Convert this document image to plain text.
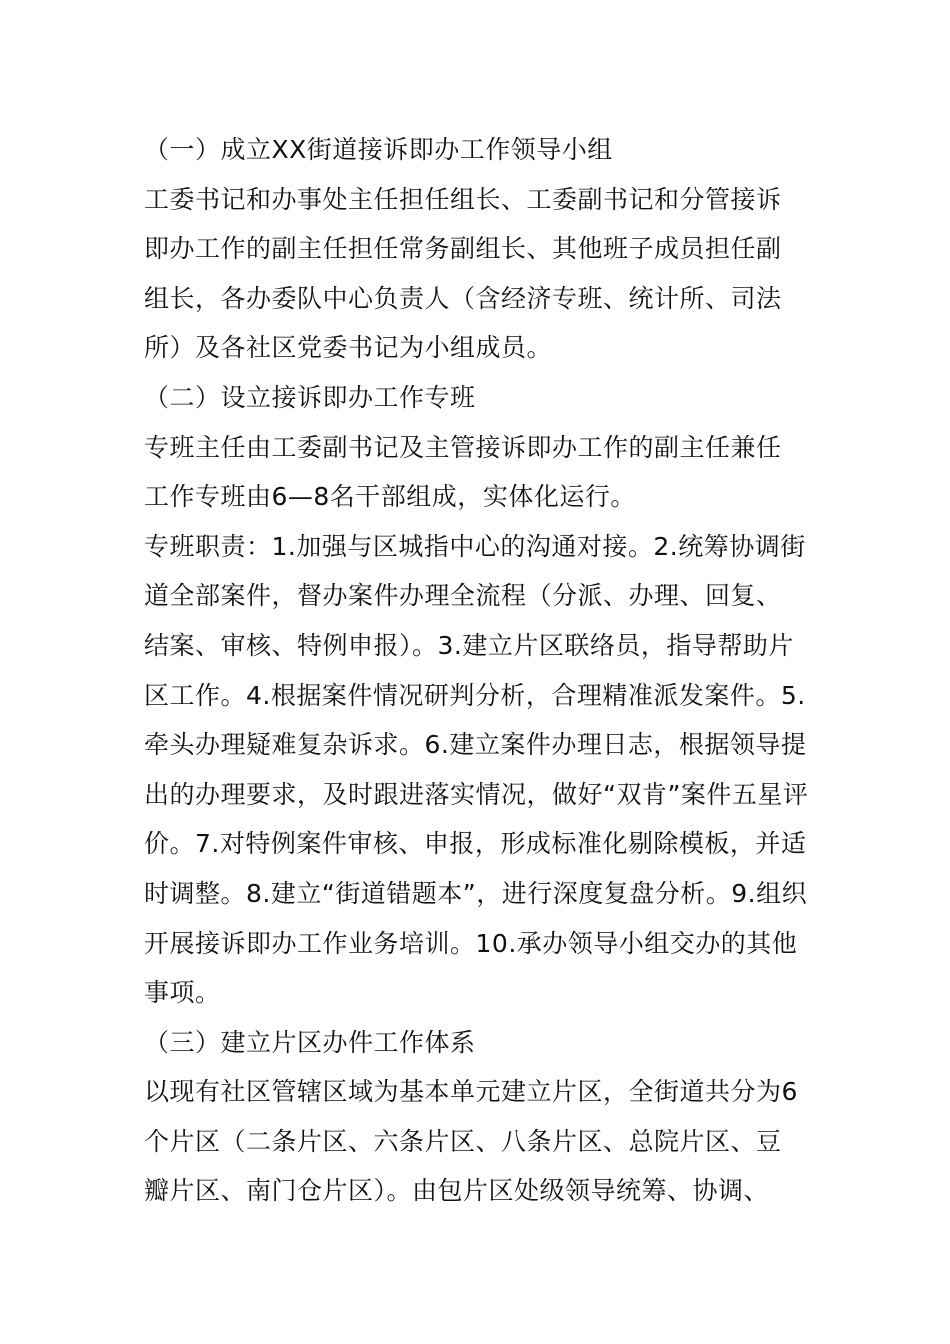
（一）成立XX街道接诉即办工作领导小组
工委书记和办事处主任担任组长、工委副书记和分管接诉
即办工作的副主任担任常务副组长、其他班子成员担任副
组长，各办委队中心负责人（含经济专班、统计所、司法
所）及各社区党委书记为小组成员。
（二）设立接诉即办工作专班
专班主任由工委副书记及主管接诉即办工作的副主任兼任
工作专班由6—8名干部组成，实体化运行。
专班职责：1.加强与区城指中心的沟通对接。2.统筹协调街
道全部案件，督办案件办理全流程（分派、办理、回复、
结案、审核、特例申报）。3.建立片区联络员，指导帮助片
区工作。4.根据案件情况研判分析，合理精准派发案件。5.
牵头办理疑难复杂诉求。6.建立案件办理日志，根据领导提
出的办理要求，及时跟进落实情况，做好“双肯”案件五星评
价。7.对特例案件审核、申报，形成标准化剔除模板，并适
时调整。8.建立“街道错题本”，进行深度复盘分析。9.组织
开展接诉即办工作业务培训。10.承办领导小组交办的其他
事项。
（三）建立片区办件工作体系
以现有社区管辖区域为基本单元建立片区，全街道共分为6
个片区（二条片区、六条片区、八条片区、总院片区、豆
瓣片区、南门仓片区）。由包片区处级领导统筹、协调、
